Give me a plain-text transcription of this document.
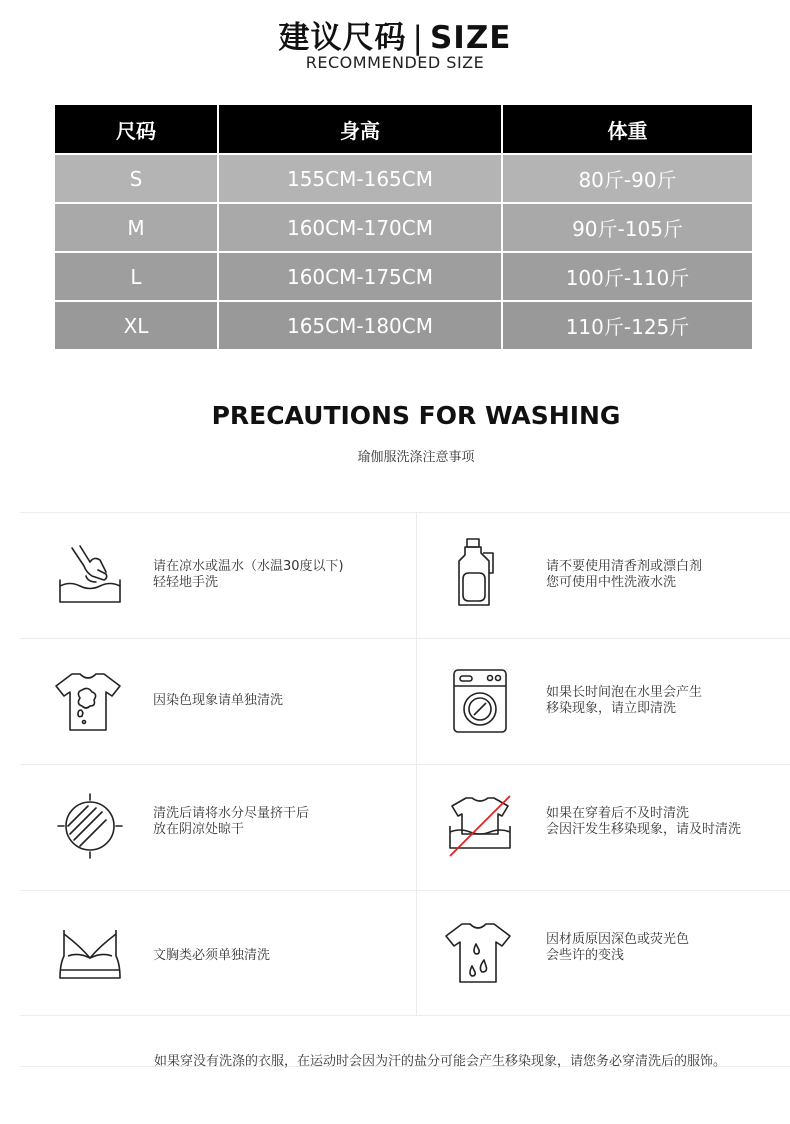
建议尺码 | SIZE
RECOMMENDED SIZE
尺码	身高	体重
S	155CM-165CM	80斤-90斤
M	160CM-170CM	90斤-105斤
L	160CM-175CM	100斤-110斤
XL	165CM-180CM	110斤-125斤
PRECAUTIONS FOR WASHING
瑜伽服洗涤注意事项
请在凉水或温水（水温30度以下)
轻轻地手洗
请不要使用清香剂或漂白剂
您可使用中性洗液水洗
因染色现象请单独清洗
如果长时间泡在水里会产生
移染现象，请立即清洗
清洗后请将水分尽量挤干后
放在阴凉处晾干
如果在穿着后不及时清洗
会因汗发生移染现象，请及时清洗
文胸类必须单独清洗
因材质原因深色或荧光色
会些许的变浅
如果穿没有洗涤的衣服，在运动时会因为汗的盐分可能会产生移染现象，请您务必穿清洗后的服饰。
